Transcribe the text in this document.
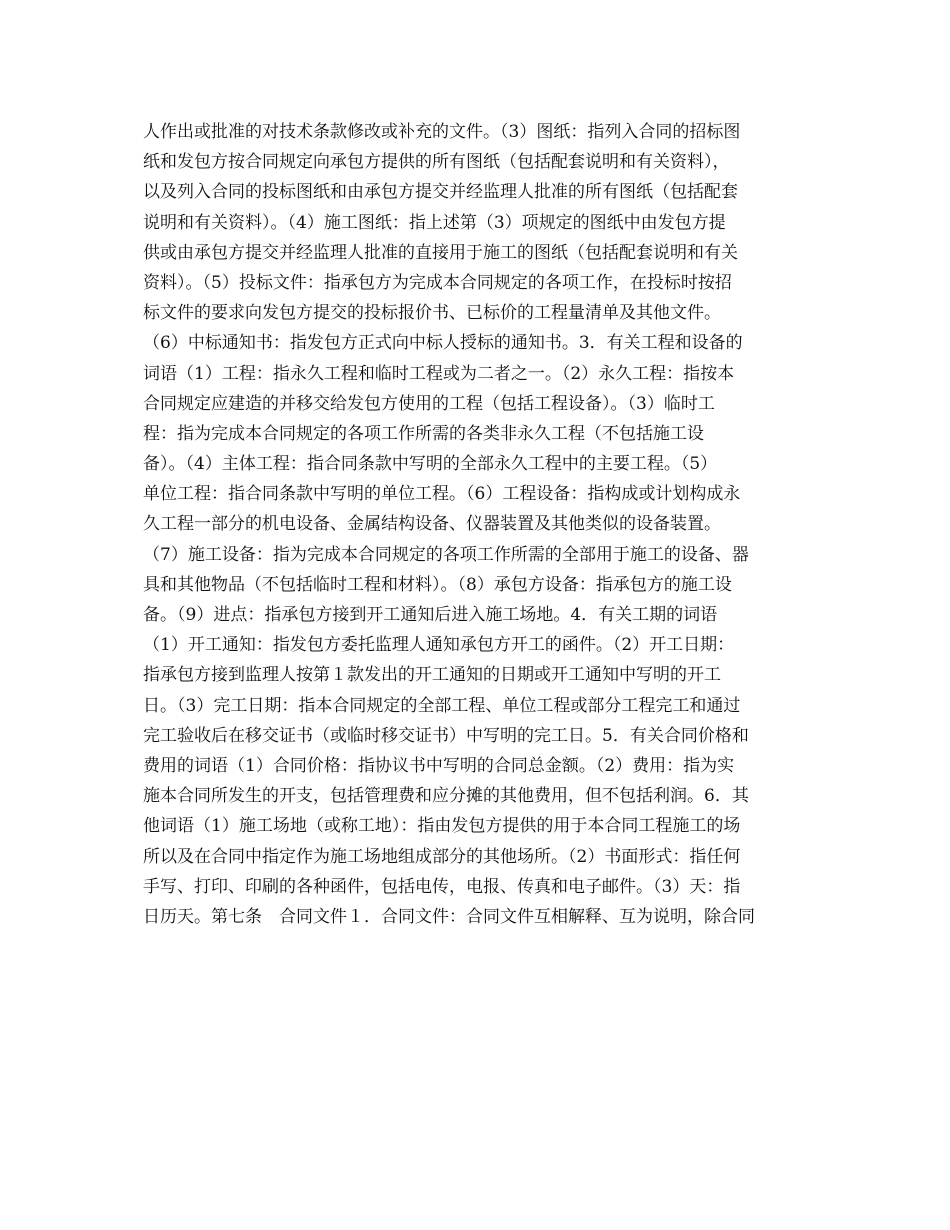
人作出或批准的对技术条款修改或补充的文件。（3）图纸：指列入合同的招标图
纸和发包方按合同规定向承包方提供的所有图纸（包括配套说明和有关资料），
以及列入合同的投标图纸和由承包方提交并经监理人批准的所有图纸（包括配套
说明和有关资料）。（4）施工图纸：指上述第（3）项规定的图纸中由发包方提
供或由承包方提交并经监理人批准的直接用于施工的图纸（包括配套说明和有关
资料）。（5）投标文件：指承包方为完成本合同规定的各项工作，在投标时按招
标文件的要求向发包方提交的投标报价书、已标价的工程量清单及其他文件。
（6）中标通知书：指发包方正式向中标人授标的通知书。3．有关工程和设备的
词语（1）工程：指永久工程和临时工程或为二者之一。（2）永久工程：指按本
合同规定应建造的并移交给发包方使用的工程（包括工程设备）。（3）临时工
程：指为完成本合同规定的各项工作所需的各类非永久工程（不包括施工设
备）。（4）主体工程：指合同条款中写明的全部永久工程中的主要工程。（5）
单位工程：指合同条款中写明的单位工程。（6）工程设备：指构成或计划构成永
久工程一部分的机电设备、金属结构设备、仪器装置及其他类似的设备装置。
（7）施工设备：指为完成本合同规定的各项工作所需的全部用于施工的设备、器
具和其他物品（不包括临时工程和材料）。（8）承包方设备：指承包方的施工设
备。（9）进点：指承包方接到开工通知后进入施工场地。4．有关工期的词语
（1）开工通知：指发包方委托监理人通知承包方开工的函件。（2）开工日期：
指承包方接到监理人按第１款发出的开工通知的日期或开工通知中写明的开工
日。（3）完工日期：指本合同规定的全部工程、单位工程或部分工程完工和通过
完工验收后在移交证书（或临时移交证书）中写明的完工日。5．有关合同价格和
费用的词语（1）合同价格：指协议书中写明的合同总金额。（2）费用：指为实
施本合同所发生的开支，包括管理费和应分摊的其他费用，但不包括利润。6．其
他词语（1）施工场地（或称工地）：指由发包方提供的用于本合同工程施工的场
所以及在合同中指定作为施工场地组成部分的其他场所。（2）书面形式：指任何
手写、打印、印刷的各种函件，包括电传，电报、传真和电子邮件。（3）天：指
日历天。第七条　合同文件１．合同文件：合同文件互相解释、互为说明，除合同
